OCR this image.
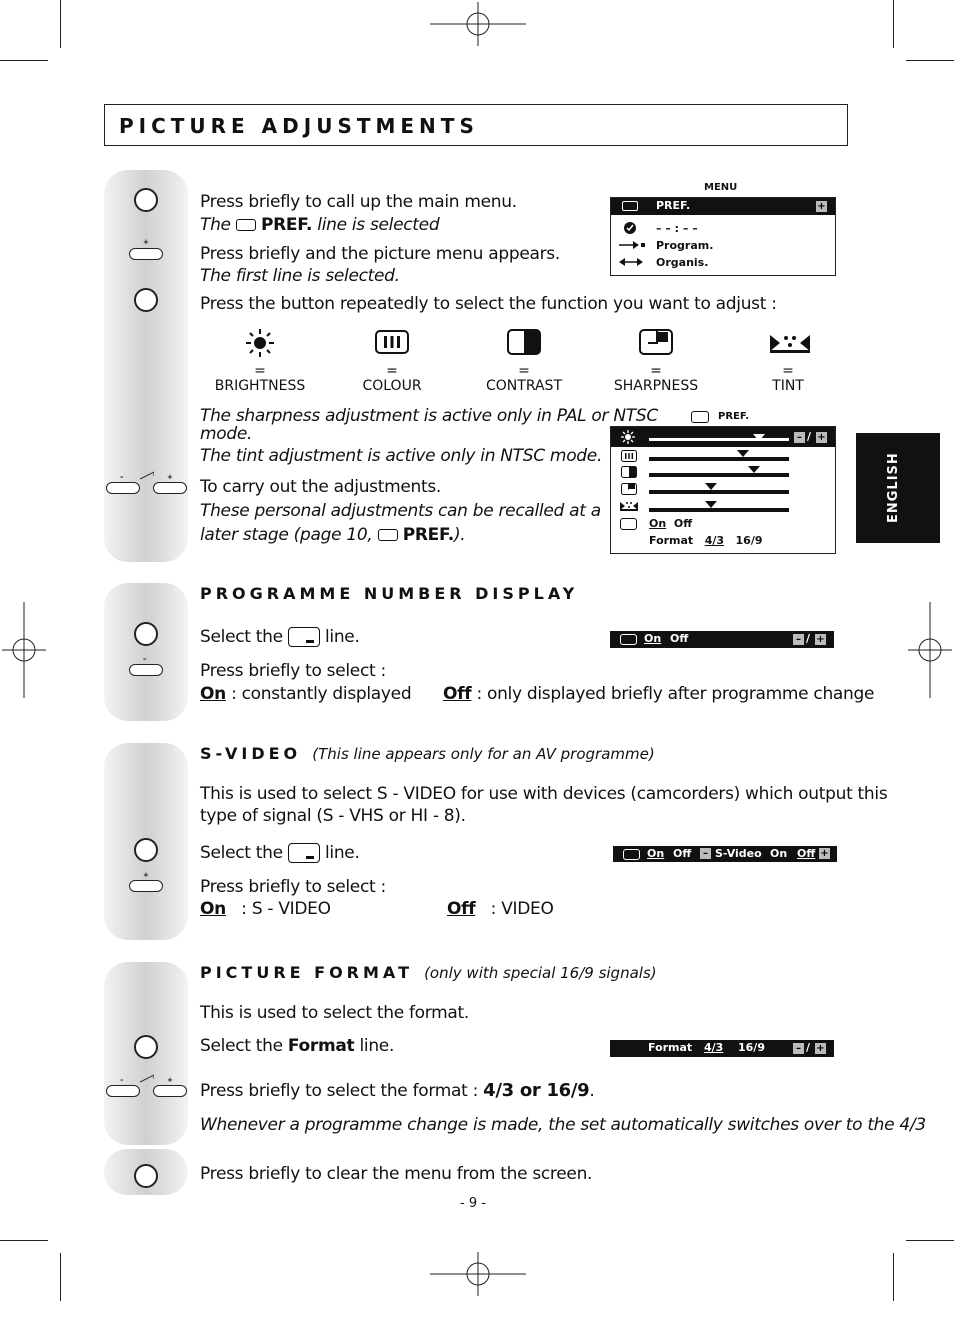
PICTURE ADJUSTMENTS
ENGLISH
+
–	+
Press briefly to call up the main menu.
The PREF. line is selected
Press briefly and the picture menu appears.
The first line is selected.
Press the button repeatedly to select the function you want to adjust :
=	=	=	=	=
BRIGHTNESS	COLOUR	CONTRAST	SHARPNESS	TINT
The sharpness adjustment is active only in PAL or NTSC
mode.
The tint adjustment is active only in NTSC mode.
To carry out the adjustments.
These personal adjustments can be recalled at a
later stage (page 10, PREF.).
MENU
PREF.	+
– – : – –
Program.
Organis.
PREF.
– / +
On Off
Format 4/3 16/9
–
PROGRAMME NUMBER DISPLAY
Select the line.
Press briefly to select :
On : constantly displayed Off : only displayed briefly after programme change
On Off	– / +
+
S-VIDEO (This line appears only for an AV programme)
This is used to select S - VIDEO for use with devices (camcorders) which output this
type of signal (S - VHS or HI - 8).
Select the line.
Press briefly to select :
On : S - VIDEO	Off : VIDEO
On Off	– S-Video On Off +
–	+
PICTURE FORMAT (only with special 16/9 signals)
This is used to select the format.
Select the Format line.
Press briefly to select the format : 4/3 or 16/9.
Whenever a programme change is made, the set automatically switches over to the 4/3
Format 4/3 16/9	– / +
Press briefly to clear the menu from the screen.
- 9 -
